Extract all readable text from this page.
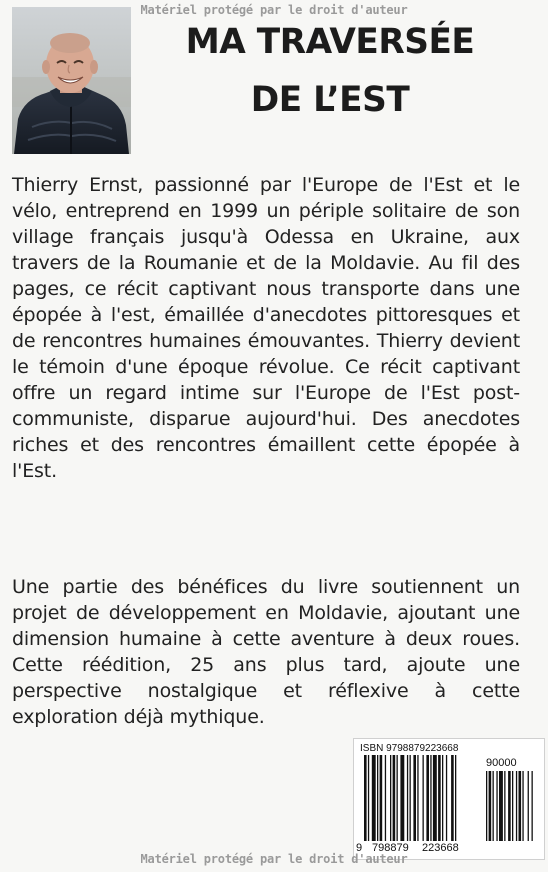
Matériel protégé par le droit d'auteur
MA TRAVERSÉE
DE L’EST
Thierry Ernst, passionné par l'Europe de l'Est et le vélo, entreprend en 1999 un périple solitaire de son village français jusqu'à Odessa en Ukraine, aux travers de la Roumanie et de la Moldavie. Au fil des pages, ce récit captivant nous transporte dans une épopée à l'est, émaillée d'anecdotes pittoresques et de rencontres humaines émouvantes. Thierry devient le témoin d'une époque révolue. Ce récit captivant offre un regard intime sur l'Europe de l'Est post-communiste, disparue aujourd'hui. Des anecdotes riches et des rencontres émaillent cette épopée à l'Est.
Une partie des bénéfices du livre soutiennent un projet de développement en Moldavie, ajoutant une dimension humaine à cette aventure à deux roues. Cette réédition, 25 ans plus tard, ajoute une perspective nostalgique et réflexive à cette exploration déjà mythique.
ISBN 9798879223668
90000
9 798879 223668
Matériel protégé par le droit d'auteur
